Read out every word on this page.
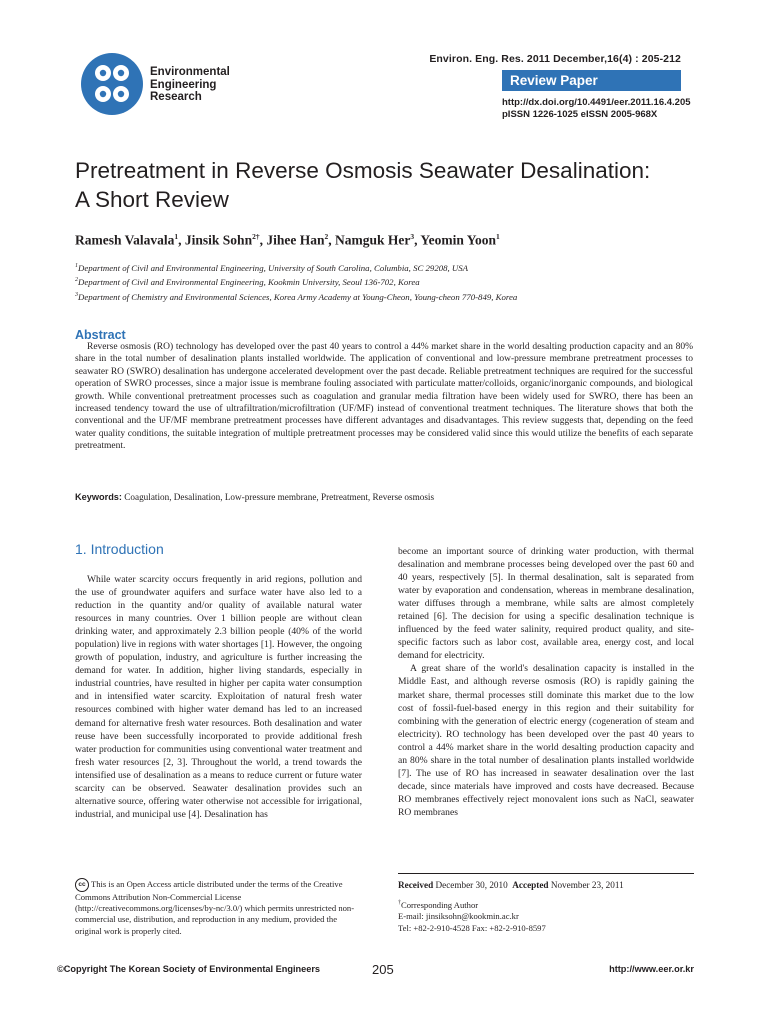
Environmental
Engineering
Research
Environ. Eng. Res. 2011 December,16(4) : 205-212
Review Paper
http://dx.doi.org/10.4491/eer.2011.16.4.205
pISSN 1226-1025 eISSN 2005-968X
Pretreatment in Reverse Osmosis Seawater Desalination:
A Short Review
Ramesh Valavala$^1$, Jinsik Sohn$^{2\dagger}$, Jihee Han$^2$, Namguk Her$^3$, Yeomin Yoon$^1$
$^1$Department of Civil and Environmental Engineering, University of South Carolina, Columbia, SC 29208, USA
$^2$Department of Civil and Environmental Engineering, Kookmin University, Seoul 136-702, Korea
$^3$Department of Chemistry and Environmental Sciences, Korea Army Academy at Young-Cheon, Young-cheon 770-849, Korea
Abstract
Reverse osmosis (RO) technology has developed over the past 40 years to control a 44% market share in the world desalting production capacity and an 80% share in the total number of desalination plants installed worldwide. The application of conventional and low-pressure membrane pretreatment processes to seawater RO (SWRO) desalination has undergone accelerated development over the past decade. Reliable pretreatment techniques are required for the successful operation of SWRO processes, since a major issue is membrane fouling associated with particulate matter/colloids, organic/inorganic compounds, and biological growth. While conventional pretreatment processes such as coagulation and granular media filtration have been widely used for SWRO, there has been an increased tendency toward the use of ultrafiltration/microfiltration (UF/MF) instead of conventional treatment techniques. The literature shows that both the conventional and the UF/MF membrane pretreatment processes have different advantages and disadvantages. This review suggests that, depending on the feed water quality conditions, the suitable integration of multiple pretreatment processes may be considered valid since this would utilize the benefits of each separate pretreatment.
Keywords: Coagulation, Desalination, Low-pressure membrane, Pretreatment, Reverse osmosis
1. Introduction

While water scarcity occurs frequently in arid regions, pollution and the use of groundwater aquifers and surface water have also led to a reduction in the quantity and/or quality of available natural water resources in many countries. Over 1 billion people are without clean drinking water, and approximately 2.3 billion people (40% of the world population) live in regions with water shortages [1]. However, the ongoing growth of population, industry, and agriculture is further increasing the demand for water. In addition, higher living standards, especially in industrial countries, have resulted in higher per capita water consumption and in intensified water scarcity. Exploitation of natural fresh water resources combined with higher water demand has led to an increased demand for alternative fresh water resources. Both desalination and water reuse have been successfully incorporated to provide additional fresh water production for communities using conventional water treatment and fresh water resources [2, 3]. Throughout the world, a trend towards the intensified use of desalination as a means to reduce current or future water scarcity can be observed. Seawater desalination provides such an alternative source, offering water otherwise not accessible for irrigational, industrial, and municipal use [4]. Desalination has

become an important source of drinking water production, with thermal desalination and membrane processes being developed over the past 60 and 40 years, respectively [5]. In thermal desalination, salt is separated from water by evaporation and condensation, whereas in membrane desalination, water diffuses through a membrane, while salts are almost completely retained [6]. The decision for using a specific desalination technique is influenced by the feed water salinity, required product quality, and site-specific factors such as labor cost, available area, energy cost, and local demand for electricity.

A great share of the world's desalination capacity is installed in the Middle East, and although reverse osmosis (RO) is rapidly gaining the market share, thermal processes still dominate this market due to the low cost of fossil-fuel-based energy in this region and their suitability for combining with the generation of electric energy (cogeneration of steam and electricity). RO technology has been developed over the past 40 years to control a 44% market share in the world desalting production capacity and an 80% share in the total number of desalination plants installed worldwide [7]. The use of RO has increased in seawater desalination over the last decade, since materials have improved and costs have decreased. Because RO membranes effectively reject monovalent ions such as NaCl, seawater RO membranes

cc This is an Open Access article distributed under the terms of the Creative Commons Attribution Non-Commercial License (http://creativecommons.org/licenses/by-nc/3.0/) which permits unrestricted non-commercial use, distribution, and reproduction in any medium, provided the original work is properly cited.
Received December 30, 2010 Accepted November 23, 2011
†Corresponding Author
E-mail: jinsiksohn@kookmin.ac.kr
Tel: +82-2-910-4528 Fax: +82-2-910-8597
©Copyright The Korean Society of Environmental Engineers	205	http://www.eer.or.kr
